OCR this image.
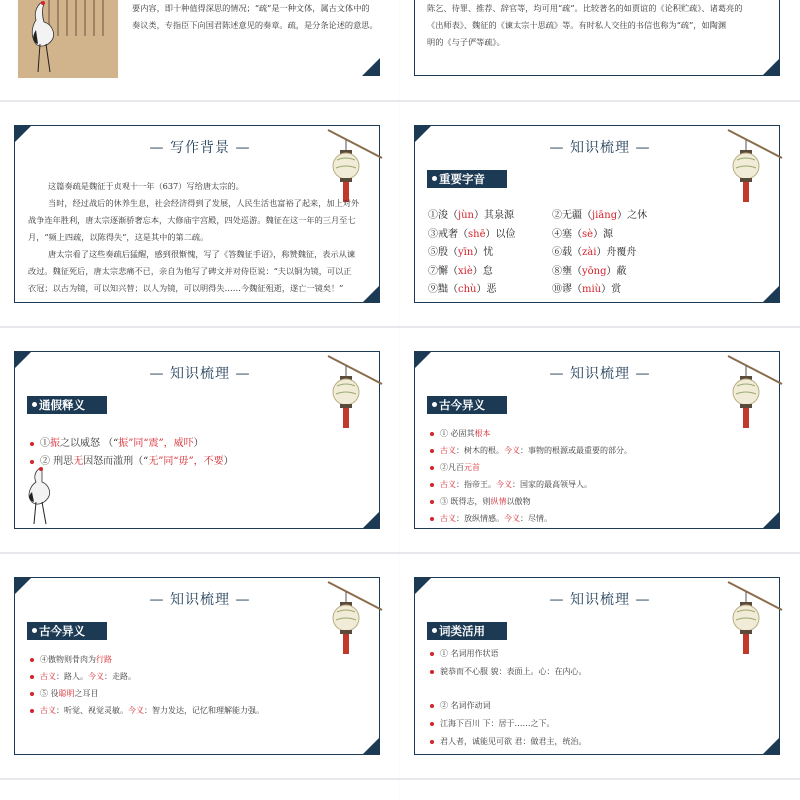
要内容，即十种值得深思的情况；“疏”是一种文体，属古文体中的
奏议类，专指臣下向国君陈述意见的奏章。疏，是分条论述的意思。
陈乞、待罪、推荐、辞官等，均可用“疏”。比较著名的如贾谊的《论积贮疏》、诸葛亮的
《出师表》、魏征的《谏太宗十思疏》等。有时私人交往的书信也称为“疏”，如陶渊
明的《与子俨等疏》。
— 写作背景 —
这篇奏疏是魏征于贞观十一年（637）写给唐太宗的。
当时，经过战后的休养生息，社会经济得到了发展，人民生活也富裕了起来，加上对外
战争连年胜利，唐太宗逐渐骄奢忘本，大修庙宇宫殿，四处巡游。魏征在这一年的三月至七
月，“频上四疏，以陈得失”，这是其中的第二疏。
唐太宗看了这些奏疏后猛醒，感到很惭愧，写了《答魏征手诏》，称赞魏征，表示从谏
改过。魏征死后，唐太宗悲痛不已，亲自为他写了碑文并对侍臣说：“夫以铜为镜，可以正
衣冠；以古为镜，可以知兴替；以人为镜，可以明得失……今魏征殂逝，遂亡一镜矣！”
— 知识梳理 —
重要字音
①浚（jùn）其泉源	②无疆（jiāng）之休
③戒奢（shē）以俭	④塞（sè）源
⑤殷（yīn）忧	⑥载（zài）舟覆舟
⑦懈（xiè）怠	⑧壅（yōng）蔽
⑨黜（chù）恶	⑩谬（miù）赏
— 知识梳理 —
通假释义
①振之以威怒 （“振”同“震”，威吓）
② 刑思无因怒而滥刑（“无”同“毋”，不要）
— 知识梳理 —
古今异义
① 必固其根本
古义：树木的根。今义：事物的根源或最重要的部分。
②凡百元首
古义：指帝王。今义：国家的最高领导人。
③ 既得志，则纵情以傲物
古义：放纵情感。今义：尽情。
— 知识梳理 —
古今异义
④傲物则骨肉为行路
古义：路人。今义：走路。
⑤ 役聪明之耳目
古义：听觉、视觉灵敏。今义：智力发达，记忆和理解能力强。
— 知识梳理 —
词类活用
① 名词用作状语
貌恭而不心服 貌：表面上。心：在内心。
② 名词作动词
江海下百川 下：居于……之下。
君人者，诚能见可欲 君：做君主，统治。
